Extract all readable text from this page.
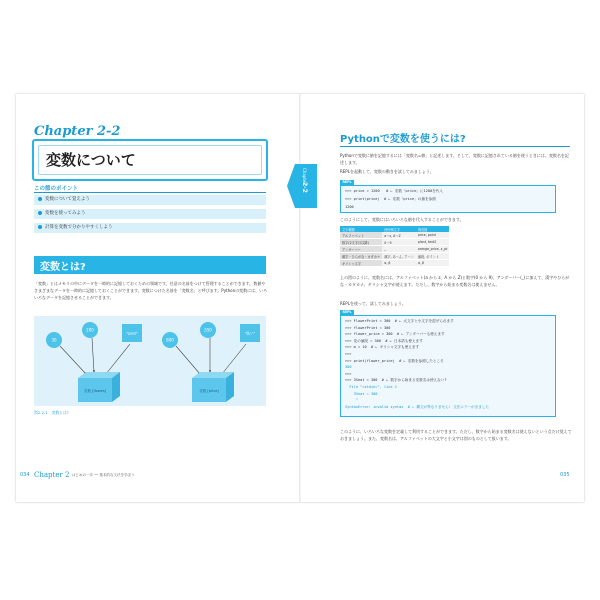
Chapter 2-2
変数について
この節のポイント
変数について覚えよう
変数を使ってみよう
計算を変数で分かりやすくしよう
変数とは?
「変数」とはメモリの中にデータを一時的に記憶しておくための領域です。任意の名前をつけて管理することができます。数値やさまざまなデータを一時的に記憶しておくことができます。変数につけた名前を「変数名」と呼びます。Pythonの変数には、いろいろなデータを記憶させることができます。
30
200
"good"
変数 [flowes]
800
350
"臥い"
変数 [price]
図2-2-1　変数とは?
034 Chapter 2 はじめの一歩 ── 基本的な文法を学ぼう
Pythonで変数を使うには?
Pythonで変数に値を記憶するには「変数名=値」と記述します。そして、変数に記憶されている値を使うときには、変数名を記述します。
REPLを起動して、変数の動きを試してみましょう。
REPL
>>> price = 1200   # ← 変数「price」に1200を代入
>>> print(price)  # ← 変数「price」の値を参照
1200
このようにして、変数にはいろいろな値を代入することができます。
文字種類	使用例文字	例変数
アルファベット	a～z, A～Z	price, point
数字(2文字目以降)	0～9	plant, text2
アンダーバー	_	orange_price, x_pt
漢字・ひらがな・カタカナ	漢字, あ～ん, ア～ン	値段, ポイント
ギリシャ文字	α, β	α, β
上の図のように、変数名には、アルファベット(a から z、A から Z)と数字(0 から 9)、アンダーバー(_)に加えて、漢字やひらがな・カタカナ、ギリシャ文字が使えます。ただし、数字から始まる変数名は使えません。
REPLを使って、試してみましょう。
REPL
>>> FlowerPrint = 300  # ← 大文字と小文字を混ぜられます
>>> flowerPrint = 300
>>> flower_price = 300  # ← アンダーバーも使えます
>>> 花の値段 = 300  # ← 日本語も使えます
>>> α = 10  # ← ギリシャ文字も使えます
>>>
>>> print(flower_price)  # ← 変数を参照したところ
300
>>>
>>> 3Seat = 300  # ← 数字から始まる変数名は使えない?
File "<stdin>", line 1
3Seat = 300
^
SyntaxError: invalid syntax  # ← 構文が異なりません! 文法エラーが出ました
このように、いろいろな変数を定義して利用することができます。ただし、数字から始まる変数名は使えないという点だけ覚えておきましょう。また、変数名は、アルファベットの大文字と小文字は別のものとして扱います。
035
Chapter
2-2
